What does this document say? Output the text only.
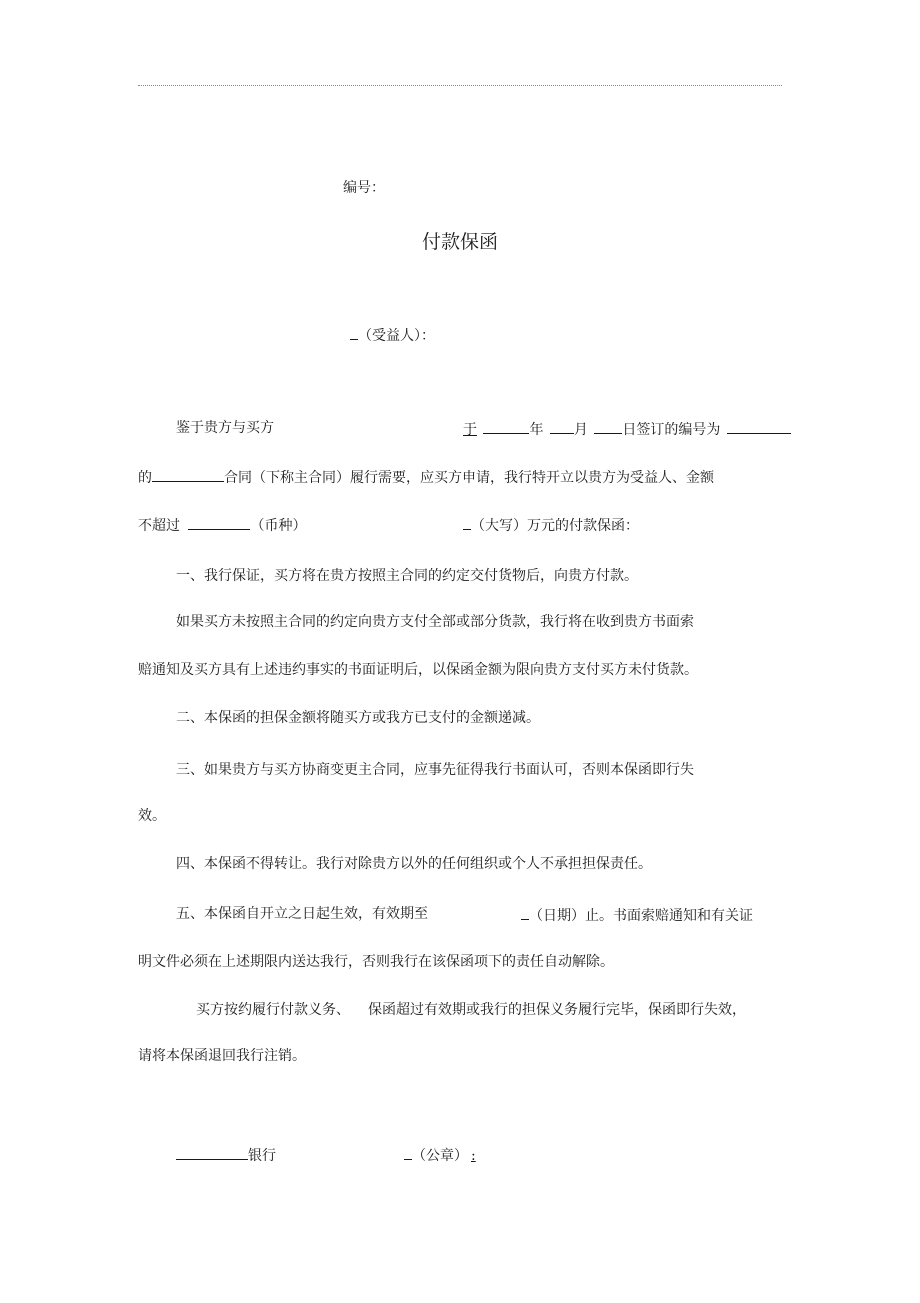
编号：
付款保函
（受益人）：
鉴于贵方与买方	于	年 月 日签订的编号为
的	合同（下称主合同）履行需要，应买方申请，我行特开立以贵方为受益人、金额
不超过	（币种）	（大写）万元的付款保函：
一、我行保证，买方将在贵方按照主合同的约定交付货物后，向贵方付款。
如果买方未按照主合同的约定向贵方支付全部或部分货款，我行将在收到贵方书面索
赔通知及买方具有上述违约事实的书面证明后，以保函金额为限向贵方支付买方未付货款。
二、本保函的担保金额将随买方或我方已支付的金额递减。
三、如果贵方与买方协商变更主合同，应事先征得我行书面认可，否则本保函即行失
效。
四、本保函不得转让。我行对除贵方以外的任何组织或个人不承担担保责任。
五、本保函自开立之日起生效，有效期至	（日期）止。书面索赔通知和有关证
明文件必须在上述期限内送达我行，否则我行在该保函项下的责任自动解除。
买方按约履行付款义务、 保函超过有效期或我行的担保义务履行完毕，保函即行失效，
请将本保函退回我行注销。
银行	（公章） :
